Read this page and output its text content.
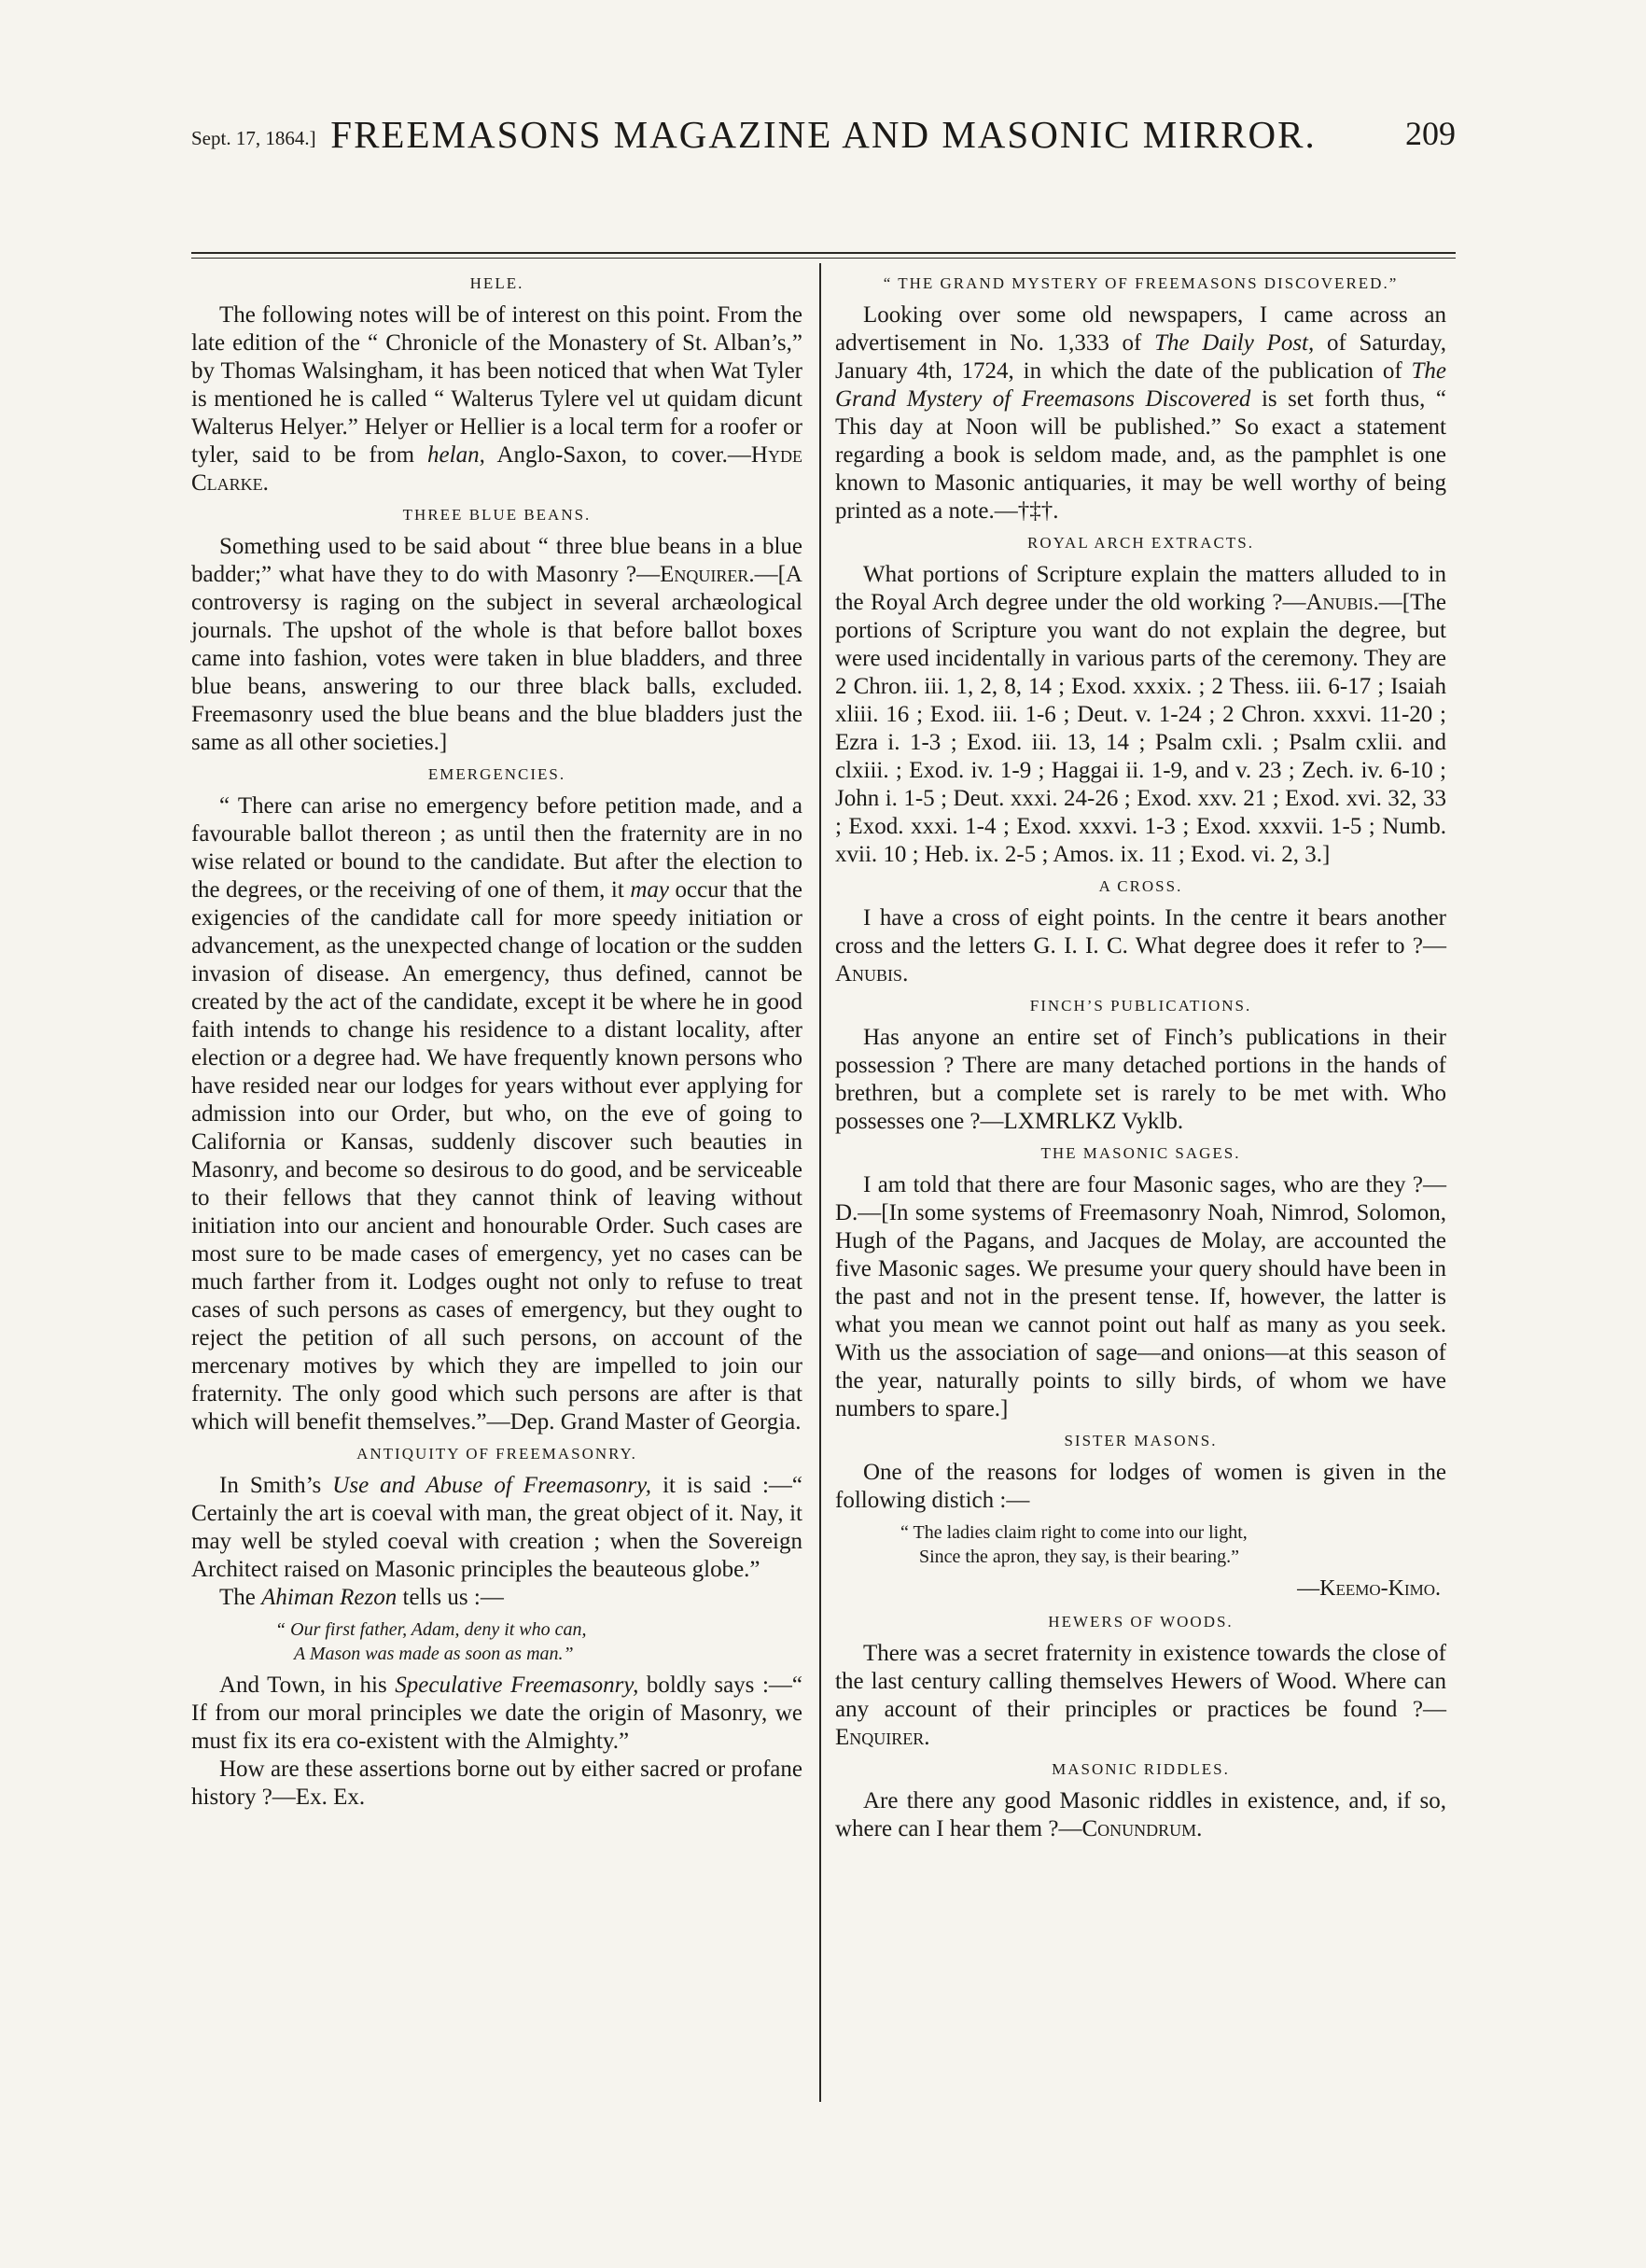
Sept. 17, 1864.] FREEMASONS MAGAZINE AND MASONIC MIRROR.	209
HELE.

The following notes will be of interest on this point. From the late edition of the “ Chronicle of the Monastery of St. Alban’s,” by Thomas Walsingham, it has been noticed that when Wat Tyler is mentioned he is called “ Walterus Tylere vel ut quidam dicunt Walterus Helyer.” Helyer or Hellier is a local term for a roofer or tyler, said to be from helan, Anglo-Saxon, to cover.—Hyde Clarke.

THREE BLUE BEANS.

Something used to be said about “ three blue beans in a blue badder;” what have they to do with Masonry ?—Enquirer.—[A controversy is raging on the subject in several archæological journals. The upshot of the whole is that before ballot boxes came into fashion, votes were taken in blue bladders, and three blue beans, answering to our three black balls, excluded. Freemasonry used the blue beans and the blue bladders just the same as all other societies.]

EMERGENCIES.

“ There can arise no emergency before petition made, and a favourable ballot thereon ; as until then the fraternity are in no wise related or bound to the candidate. But after the election to the degrees, or the receiving of one of them, it may occur that the exigencies of the candidate call for more speedy initiation or advancement, as the unexpected change of location or the sudden invasion of disease. An emergency, thus defined, cannot be created by the act of the candidate, except it be where he in good faith intends to change his residence to a distant locality, after election or a degree had. We have frequently known persons who have resided near our lodges for years without ever applying for admission into our Order, but who, on the eve of going to California or Kansas, suddenly discover such beauties in Masonry, and become so desirous to do good, and be serviceable to their fellows that they cannot think of leaving without initiation into our ancient and honourable Order. Such cases are most sure to be made cases of emergency, yet no cases can be much farther from it. Lodges ought not only to refuse to treat cases of such persons as cases of emergency, but they ought to reject the petition of all such persons, on account of the mercenary motives by which they are impelled to join our fraternity. The only good which such persons are after is that which will benefit themselves.”—Dep. Grand Master of Georgia.

ANTIQUITY OF FREEMASONRY.

In Smith’s Use and Abuse of Freemasonry, it is said :—“ Certainly the art is coeval with man, the great object of it. Nay, it may well be styled coeval with creation ; when the Sovereign Architect raised on Masonic principles the beauteous globe.”

The Ahiman Rezon tells us :—

“ Our first father, Adam, deny it who can,
A Mason was made as soon as man.”

And Town, in his Speculative Freemasonry, boldly says :—“ If from our moral principles we date the origin of Masonry, we must fix its era co-existent with the Almighty.”

How are these assertions borne out by either sacred or profane history ?—Ex. Ex.

“ THE GRAND MYSTERY OF FREEMASONS DISCOVERED.”

Looking over some old newspapers, I came across an advertisement in No. 1,333 of The Daily Post, of Saturday, January 4th, 1724, in which the date of the publication of The Grand Mystery of Freemasons Discovered is set forth thus, “ This day at Noon will be published.” So exact a statement regarding a book is seldom made, and, as the pamphlet is one known to Masonic antiquaries, it may be well worthy of being printed as a note.—†‡†.

ROYAL ARCH EXTRACTS.

What portions of Scripture explain the matters alluded to in the Royal Arch degree under the old working ?—Anubis.—[The portions of Scripture you want do not explain the degree, but were used incidentally in various parts of the ceremony. They are 2 Chron. iii. 1, 2, 8, 14 ; Exod. xxxix. ; 2 Thess. iii. 6-17 ; Isaiah xliii. 16 ; Exod. iii. 1-6 ; Deut. v. 1-24 ; 2 Chron. xxxvi. 11-20 ; Ezra i. 1-3 ; Exod. iii. 13, 14 ; Psalm cxli. ; Psalm cxlii. and clxiii. ; Exod. iv. 1-9 ; Haggai ii. 1-9, and v. 23 ; Zech. iv. 6-10 ; John i. 1-5 ; Deut. xxxi. 24-26 ; Exod. xxv. 21 ; Exod. xvi. 32, 33 ; Exod. xxxi. 1-4 ; Exod. xxxvi. 1-3 ; Exod. xxxvii. 1-5 ; Numb. xvii. 10 ; Heb. ix. 2-5 ; Amos. ix. 11 ; Exod. vi. 2, 3.]

A CROSS.

I have a cross of eight points. In the centre it bears another cross and the letters G. I. I. C. What degree does it refer to ?—Anubis.

FINCH’S PUBLICATIONS.

Has anyone an entire set of Finch’s publications in their possession ? There are many detached portions in the hands of brethren, but a complete set is rarely to be met with. Who possesses one ?—LXMRLKZ Vyklb.

THE MASONIC SAGES.

I am told that there are four Masonic sages, who are they ?—D.—[In some systems of Freemasonry Noah, Nimrod, Solomon, Hugh of the Pagans, and Jacques de Molay, are accounted the five Masonic sages. We presume your query should have been in the past and not in the present tense. If, however, the latter is what you mean we cannot point out half as many as you seek. With us the association of sage—and onions—at this season of the year, naturally points to silly birds, of whom we have numbers to spare.]

SISTER MASONS.

One of the reasons for lodges of women is given in the following distich :—

“ The ladies claim right to come into our light,
Since the apron, they say, is their bearing.”
—Keemo-Kimo.
HEWERS OF WOODS.

There was a secret fraternity in existence towards the close of the last century calling themselves Hewers of Wood. Where can any account of their principles or practices be found ?—Enquirer.

MASONIC RIDDLES.

Are there any good Masonic riddles in existence, and, if so, where can I hear them ?—Conundrum.
